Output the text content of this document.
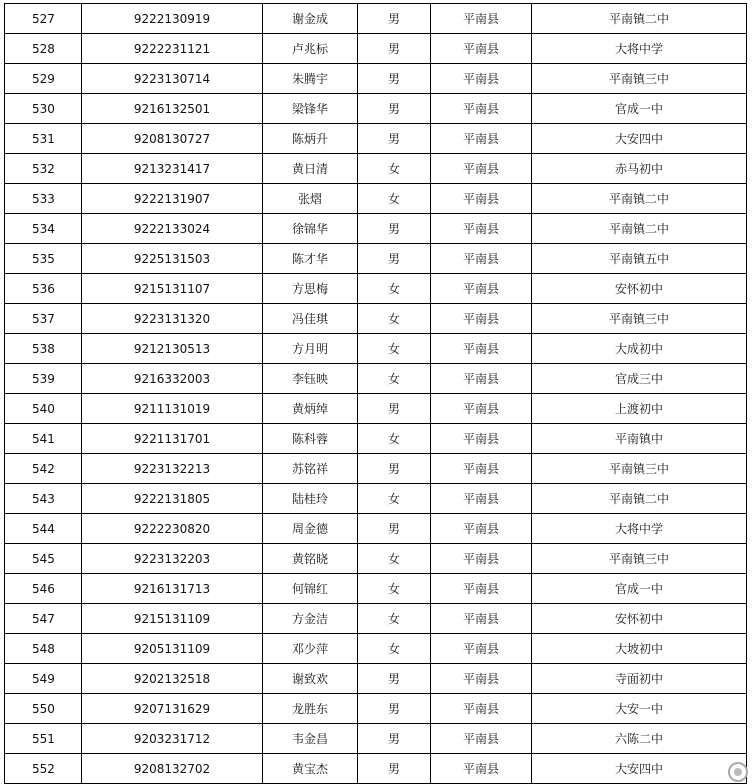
527	9222130919	谢金成	男	平南县	平南镇二中
528	9222231121	卢兆标	男	平南县	大将中学
529	9223130714	朱腾宇	男	平南县	平南镇三中
530	9216132501	梁锋华	男	平南县	官成一中
531	9208130727	陈炳升	男	平南县	大安四中
532	9213231417	黄日清	女	平南县	赤马初中
533	9222131907	张熠	女	平南县	平南镇二中
534	9222133024	徐锦华	男	平南县	平南镇二中
535	9225131503	陈才华	男	平南县	平南镇五中
536	9215131107	方思梅	女	平南县	安怀初中
537	9223131320	冯佳琪	女	平南县	平南镇三中
538	9212130513	方月明	女	平南县	大成初中
539	9216332003	李钰映	女	平南县	官成三中
540	9211131019	黄炳绰	男	平南县	上渡初中
541	9221131701	陈科蓉	女	平南县	平南镇中
542	9223132213	苏铭祥	男	平南县	平南镇三中
543	9222131805	陆桂玲	女	平南县	平南镇二中
544	9222230820	周金德	男	平南县	大将中学
545	9223132203	黄铭晓	女	平南县	平南镇三中
546	9216131713	何锦红	女	平南县	官成一中
547	9215131109	方金洁	女	平南县	安怀初中
548	9205131109	邓少萍	女	平南县	大坡初中
549	9202132518	谢致欢	男	平南县	寺面初中
550	9207131629	龙胜东	男	平南县	大安一中
551	9203231712	韦金昌	男	平南县	六陈二中
552	9208132702	黄宝杰	男	平南县	大安四中
